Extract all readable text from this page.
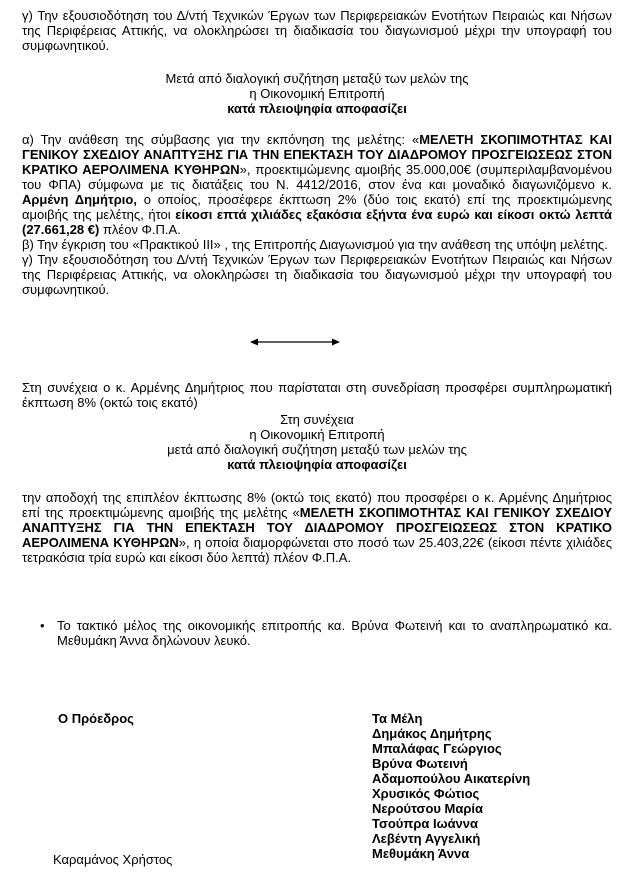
γ) Την εξουσιοδότηση του Δ/ντή Τεχνικών Έργων των Περιφερειακών Ενοτήτων Πειραιώς και Νήσων της Περιφέρειας Αττικής, να ολοκληρώσει τη διαδικασία του διαγωνισμού μέχρι την υπογραφή του συμφωνητικού.

Μετά από διαλογική συζήτηση μεταξύ των μελών της

η Οικονομική Επιτροπή

κατά πλειοψηφία αποφασίζει

α) Την ανάθεση της σύμβασης για την εκπόνηση της μελέτης: «ΜΕΛΕΤΗ ΣΚΟΠΙΜΟΤΗΤΑΣ ΚΑΙ ΓΕΝΙΚΟΥ ΣΧΕΔΙΟΥ ΑΝΑΠΤΥΞΗΣ ΓΙΑ ΤΗΝ ΕΠΕΚΤΑΣΗ ΤΟΥ ΔΙΑΔΡΟΜΟΥ ΠΡΟΣΓΕΙΩΣΕΩΣ ΣΤΟΝ ΚΡΑΤΙΚΟ ΑΕΡΟΛΙΜΕΝΑ ΚΥΘΗΡΩΝ», προεκτιμώμενης αμοιβής 35.000,00€ (συμπεριλαμβανομένου του ΦΠΑ) σύμφωνα με τις διατάξεις του Ν. 4412/2016, στον ένα και μοναδικό διαγωνιζόμενο κ. Αρμένη Δημήτριο, ο οποίος, προσέφερε έκπτωση 2% (δύο τοις εκατό) επί της προεκτιμώμενης αμοιβής της μελέτης, ήτοι είκοσι επτά χιλιάδες εξακόσια εξήντα ένα ευρώ και είκοσι οκτώ λεπτά (27.661,28 €) πλέον Φ.Π.Α.

β) Την έγκριση του «Πρακτικού ΙΙΙ» , της Επιτροπής Διαγωνισμού για την ανάθεση της υπόψη μελέτης.

γ) Την εξουσιοδότηση του Δ/ντή Τεχνικών Έργων των Περιφερειακών Ενοτήτων Πειραιώς και Νήσων της Περιφέρειας Αττικής, να ολοκληρώσει τη διαδικασία του διαγωνισμού μέχρι την υπογραφή του συμφωνητικού.

Στη συνέχεια ο κ. Αρμένης Δημήτριος που παρίσταται στη συνεδρίαση προσφέρει συμπληρωματική έκπτωση 8% (οκτώ τοις εκατό)

Στη συνέχεια

η Οικονομική Επιτροπή

μετά από διαλογική συζήτηση μεταξύ των μελών της

κατά πλειοψηφία αποφασίζει

την αποδοχή της επιπλέον έκπτωσης 8% (οκτώ τοις εκατό) που προσφέρει ο κ. Αρμένης Δημήτριος επί της προεκτιμώμενης αμοιβής της μελέτης «ΜΕΛΕΤΗ ΣΚΟΠΙΜΟΤΗΤΑΣ ΚΑΙ ΓΕΝΙΚΟΥ ΣΧΕΔΙΟΥ ΑΝΑΠΤΥΞΗΣ ΓΙΑ ΤΗΝ ΕΠΕΚΤΑΣΗ ΤΟΥ ΔΙΑΔΡΟΜΟΥ ΠΡΟΣΓΕΙΩΣΕΩΣ ΣΤΟΝ ΚΡΑΤΙΚΟ ΑΕΡΟΛΙΜΕΝΑ ΚΥΘΗΡΩΝ», η οποία διαμορφώνεται στο ποσό των 25.403,22€ (είκοσι πέντε χιλιάδες τετρακόσια τρία ευρώ και είκοσι δύο λεπτά) πλέον Φ.Π.Α.

• Το τακτικό μέλος της οικονομικής επιτροπής κα. Βρύνα Φωτεινή και το αναπληρωματικό κα. Μεθυμάκη Άννα δηλώνουν λευκό.

Ο Πρόεδρος
Καραμάνος Χρήστος
Τα Μέλη
Δημάκος Δημήτρης
Μπαλάφας Γεώργιος
Βρύνα Φωτεινή
Αδαμοπούλου Αικατερίνη
Χρυσικός Φώτιος
Νερούτσου Μαρία
Τσούπρα Ιωάννα
Λεβέντη Αγγελική
Μεθυμάκη Άννα
